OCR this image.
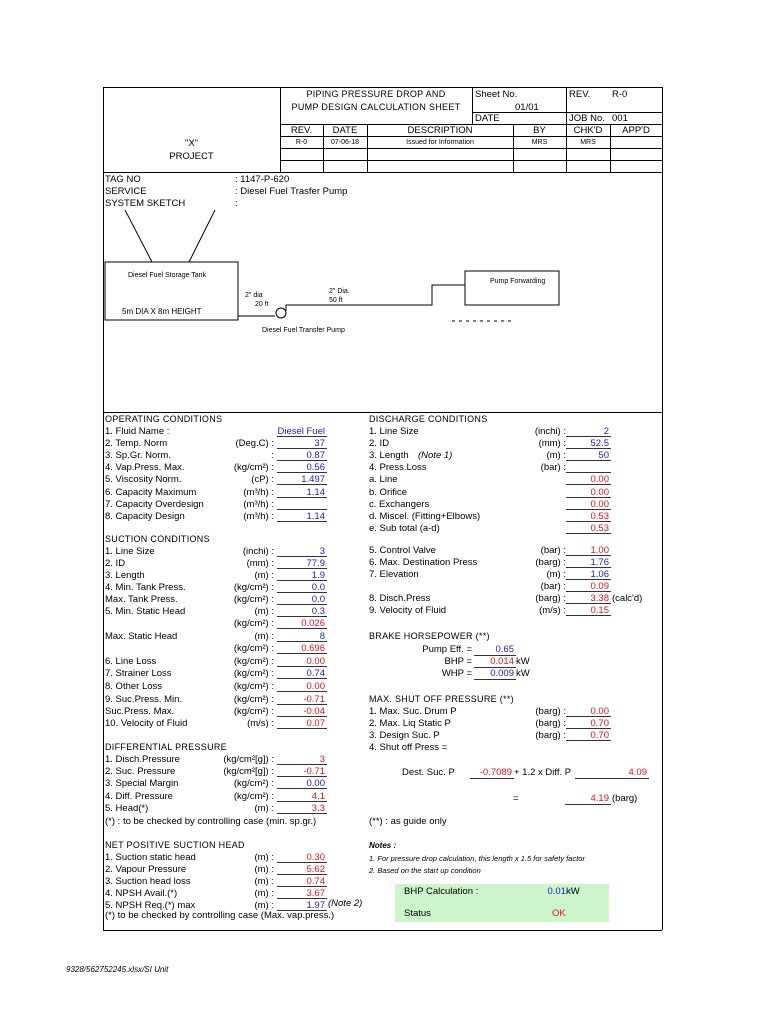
PIPING PRESSURE DROP AND
PUMP DESIGN CALCULATION SHEET
Sheet No.
01/01
REV. R-0
DATE	JOB No. 001
"X"
PROJECT
REV.	DATE	DESCRIPTION	BY	CHK'D	APP'D
R-0	07-06-18	Issued for Information	MRS	MRS
TAG NO	: 1147-P-620
SERVICE	: Diesel Fuel Trasfer Pump
SYSTEM SKETCH	:
Diesel Fuel Storage Tank
5m DIA X 8m HEIGHT
2" dia
20 ft
2" Dia.
50 ft
Diesel Fuel Transfer Pump
Pump Forwarding
1. Fluid Name :	Diesel Fuel
2. Temp. Norm	(Deg.C) :	37
3. Sp.Gr. Norm.	:	0.87
4. Vap.Press. Max.	(kg/cm²) :	0.56
5. Viscosity Norm.	(cP) :	1.497
6. Capacity Maximum	(m³/h) :	1.14
7. Capacity Overdesign	(m³/h) :
8. Capacity Design	(m³/h) :	1.14
1. Line Size	(inchi) :	3
2. ID	(mm) :	77.9
3. Length	(m) :	1.9
4. Min. Tank Press.	(kg/cm²) :	0.0
Max. Tank Press.	(kg/cm²) :	0.0
5. Min. Static Head	(m) :	0.3
(kg/cm²) :	0.026
Max. Static Head	(m) :	8
(kg/cm²) :	0.696
6. Line Loss	(kg/cm²) :	0.00
7. Strainer Loss	(kg/cm²) :	0.74
8. Other Loss	(kg/cm²) :	0.00
9. Suc.Press. Min.	(kg/cm²) :	-0.71
Suc.Press. Max.	(kg/cm²) :	-0.04
10. Velocity of Fluid	(m/s) :	0.07
1. Disch.Pressure	(kg/cm²[g]) :	3
2. Suc. Pressure	(kg/cm²[g]) :	-0.71
3. Special Margin	(kg/cm²) :	0.00
4. Diff. Pressure	(kg/cm²) :	4.1
5. Head(*)	(m) :	3.3
1. Suction static head	(m) :	0.30
2. Vapour Pressure	(m) :	5.62
3. Suction head loss	(m) :	0.74
4. NPSH Avail.(*)	(m) :	3.67
5. NPSH Req.(*) max	(m) :	1.97
1. Line Size	(inchi) :	2
2. ID	(mm) :	52.5
3. Length	(m) :	50
4. Press.Loss	(bar) :
a. Line	0.00
b. Orifice	0.00
c. Exchangers	0.00
d. Miscel. (Fitting+Elbows)	0.53
e. Sub total (a-d)	0.53
5. Control Valve	(bar) :	1.00
6. Max. Destination Press	(barg) :	1.76
7. Elevation	(m) :	1.06
(bar) :	0.09
8. Disch.Press	(barg) :	3.38
9. Velocity of Fluid	(m/s) :	0.15
1. Max. Suc. Drum P	(barg) :	0.00
2. Max. Liq Static P	(barg) :	0.70
3. Design Suc. P	(barg) :	0.70
OPERATING CONDITIONS
SUCTION CONDITIONS
DIFFERENTIAL PRESSURE
(*) : to be checked by controlling case (min. sp.gr.)
NET POSITIVE SUCTION HEAD
(*) to be checked by controlling case (Max. vap.press.)
(Note 2)
DISCHARGE CONDITIONS
(Note 1)
(calc'd)
BRAKE HORSEPOWER (**)
Pump Eff. =	0.65
BHP =	0.014 kW
WHP =	0.009 kW
MAX. SHUT OFF PRESSURE (**)
4. Shut off Press =
Dest. Suc. P	-0.7089 + 1.2 x Diff. P	4.09
=	4.19 (barg)
(**) : as guide only
Notes :
1. For pressure drop calculation, this length x 1.5 for safety factor
2. Based on the start up condition
BHP Calculation :	0.01 kW
Status	OK
9328/562752245.xlsx/SI Unit
